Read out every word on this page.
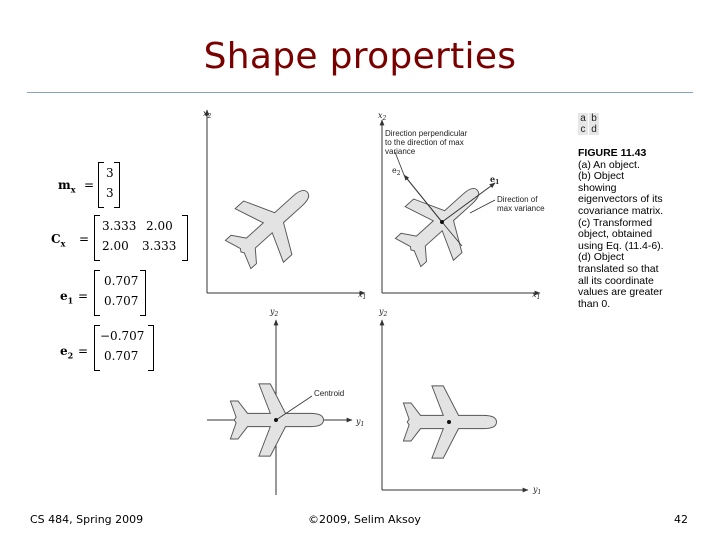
Shape properties
$m_x$ =
3
3
$C_x$ =
3.333 2.00
2.00 3.333
$e_1$ =
0.707
0.707
$e_2$ =
−0.707
0.707
$x_2$
$x_1$
$x_2$
$x_1$
$y_2$
$y_1$
$y_2$
$y_1$
Direction perpendicular
to the direction of max
variance
Direction of
max variance
Centroid
$e_1$
$e_2$
a b
c d
FIGURE 11.43
(a) An object.
(b) Object
showing
eigenvectors of its
covariance matrix.
(c) Transformed
object, obtained
using Eq. (11.4-6).
(d) Object
translated so that
all its coordinate
values are greater
than 0.
CS 484, Spring 2009	©2009, Selim Aksoy	42
